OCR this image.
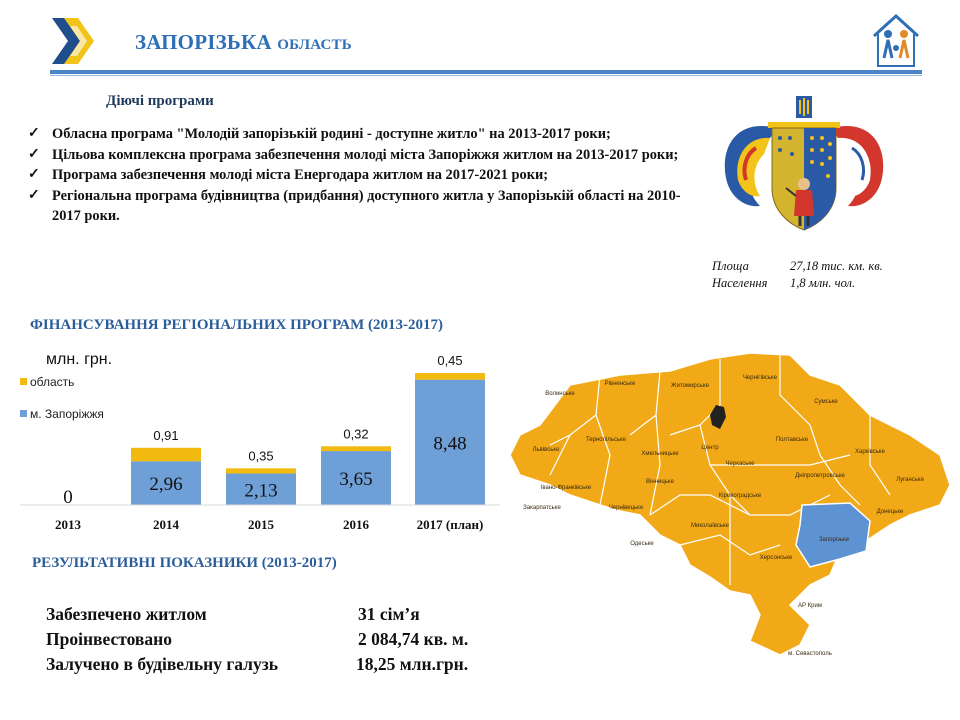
ЗАПОРІЗЬКА ОБЛАСТЬ
Діючі програми
✓ Обласна програма "Молодій запорізькій родині - доступне житло" на 2013-2017 роки;
✓ Цільова комплексна програма забезпечення молоді міста Запоріжжя житлом на 2013-2017 роки;
✓ Програма забезпечення молоді міста Енергодара житлом на 2017-2021 роки;
✓ Регіональна програма будівництва (придбання) доступного житла у Запорізькій області на 2010-2017 роки.
Площа	27,18 тис. км. кв.
Населення 1,8 млн. чол.
ФІНАНСУВАННЯ РЕГІОНАЛЬНИХ ПРОГРАМ (2013-2017)
млн. грн.
область
м. Запоріжжя
0
2,96
0,91
2,13
0,35
3,65
0,32	8,48
0,45
2013	2014	2015	2016	2017 (план)
РЕЗУЛЬТАТИВНІ ПОКАЗНИКИ (2013-2017)
Забезпечено житлом	31 сім’я
Проінвестовано	2 084,74 кв. м.
Залучено в будівельну галузь	18,25 млн.грн.
Волинське
Рівненське	Житомирське
Чернігівське
Сумське
Львівське
Тернопільське
Хмельницьке
Центр
Полтавське
Харківське
Луганське
Івано-Франківське
Закарпатське
Вінницьке
Черкаське
Кіровоградське
Дніпропетровське
Донецьке
Чернівецьке
Миколаївське
Одеське
Херсонське
Запорізьке
АР Крим
м. Севастополь
